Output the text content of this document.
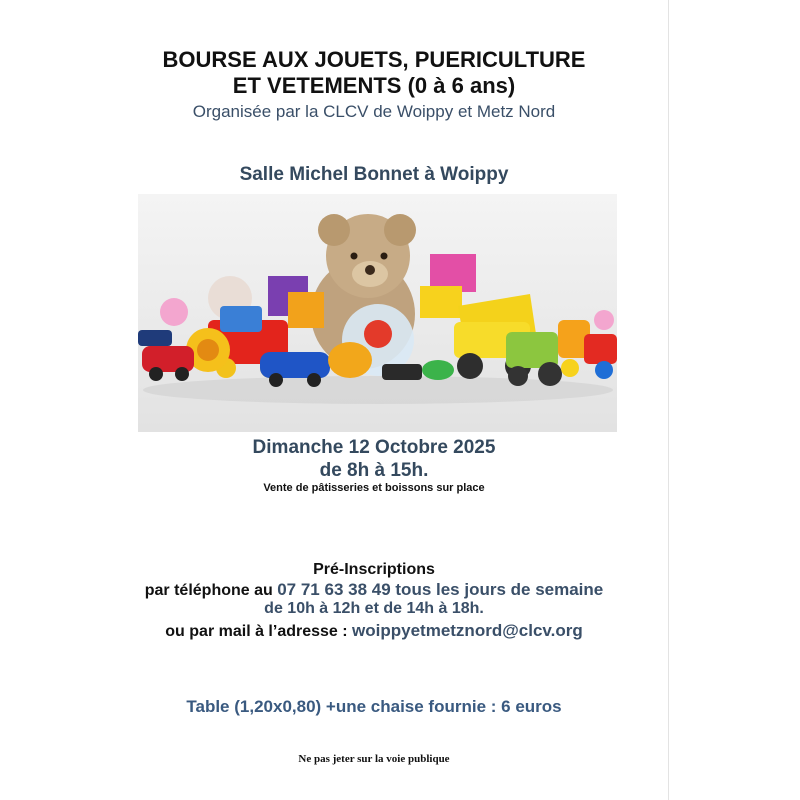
BOURSE AUX JOUETS, PUERICULTURE
ET VETEMENTS (0 à 6 ans)
Organisée par la CLCV de Woippy et Metz Nord
Salle Michel Bonnet à Woippy
Dimanche 12 Octobre 2025
de 8h à 15h.
Vente de pâtisseries et boissons sur place
Pré-Inscriptions
par téléphone au 07 71 63 38 49 tous les jours de semaine
de 10h à 12h et de 14h à 18h.
ou par mail à l’adresse : woippyetmetznord@clcv.org
Table (1,20x0,80) +une chaise fournie : 6 euros
Ne pas jeter sur la voie publique
